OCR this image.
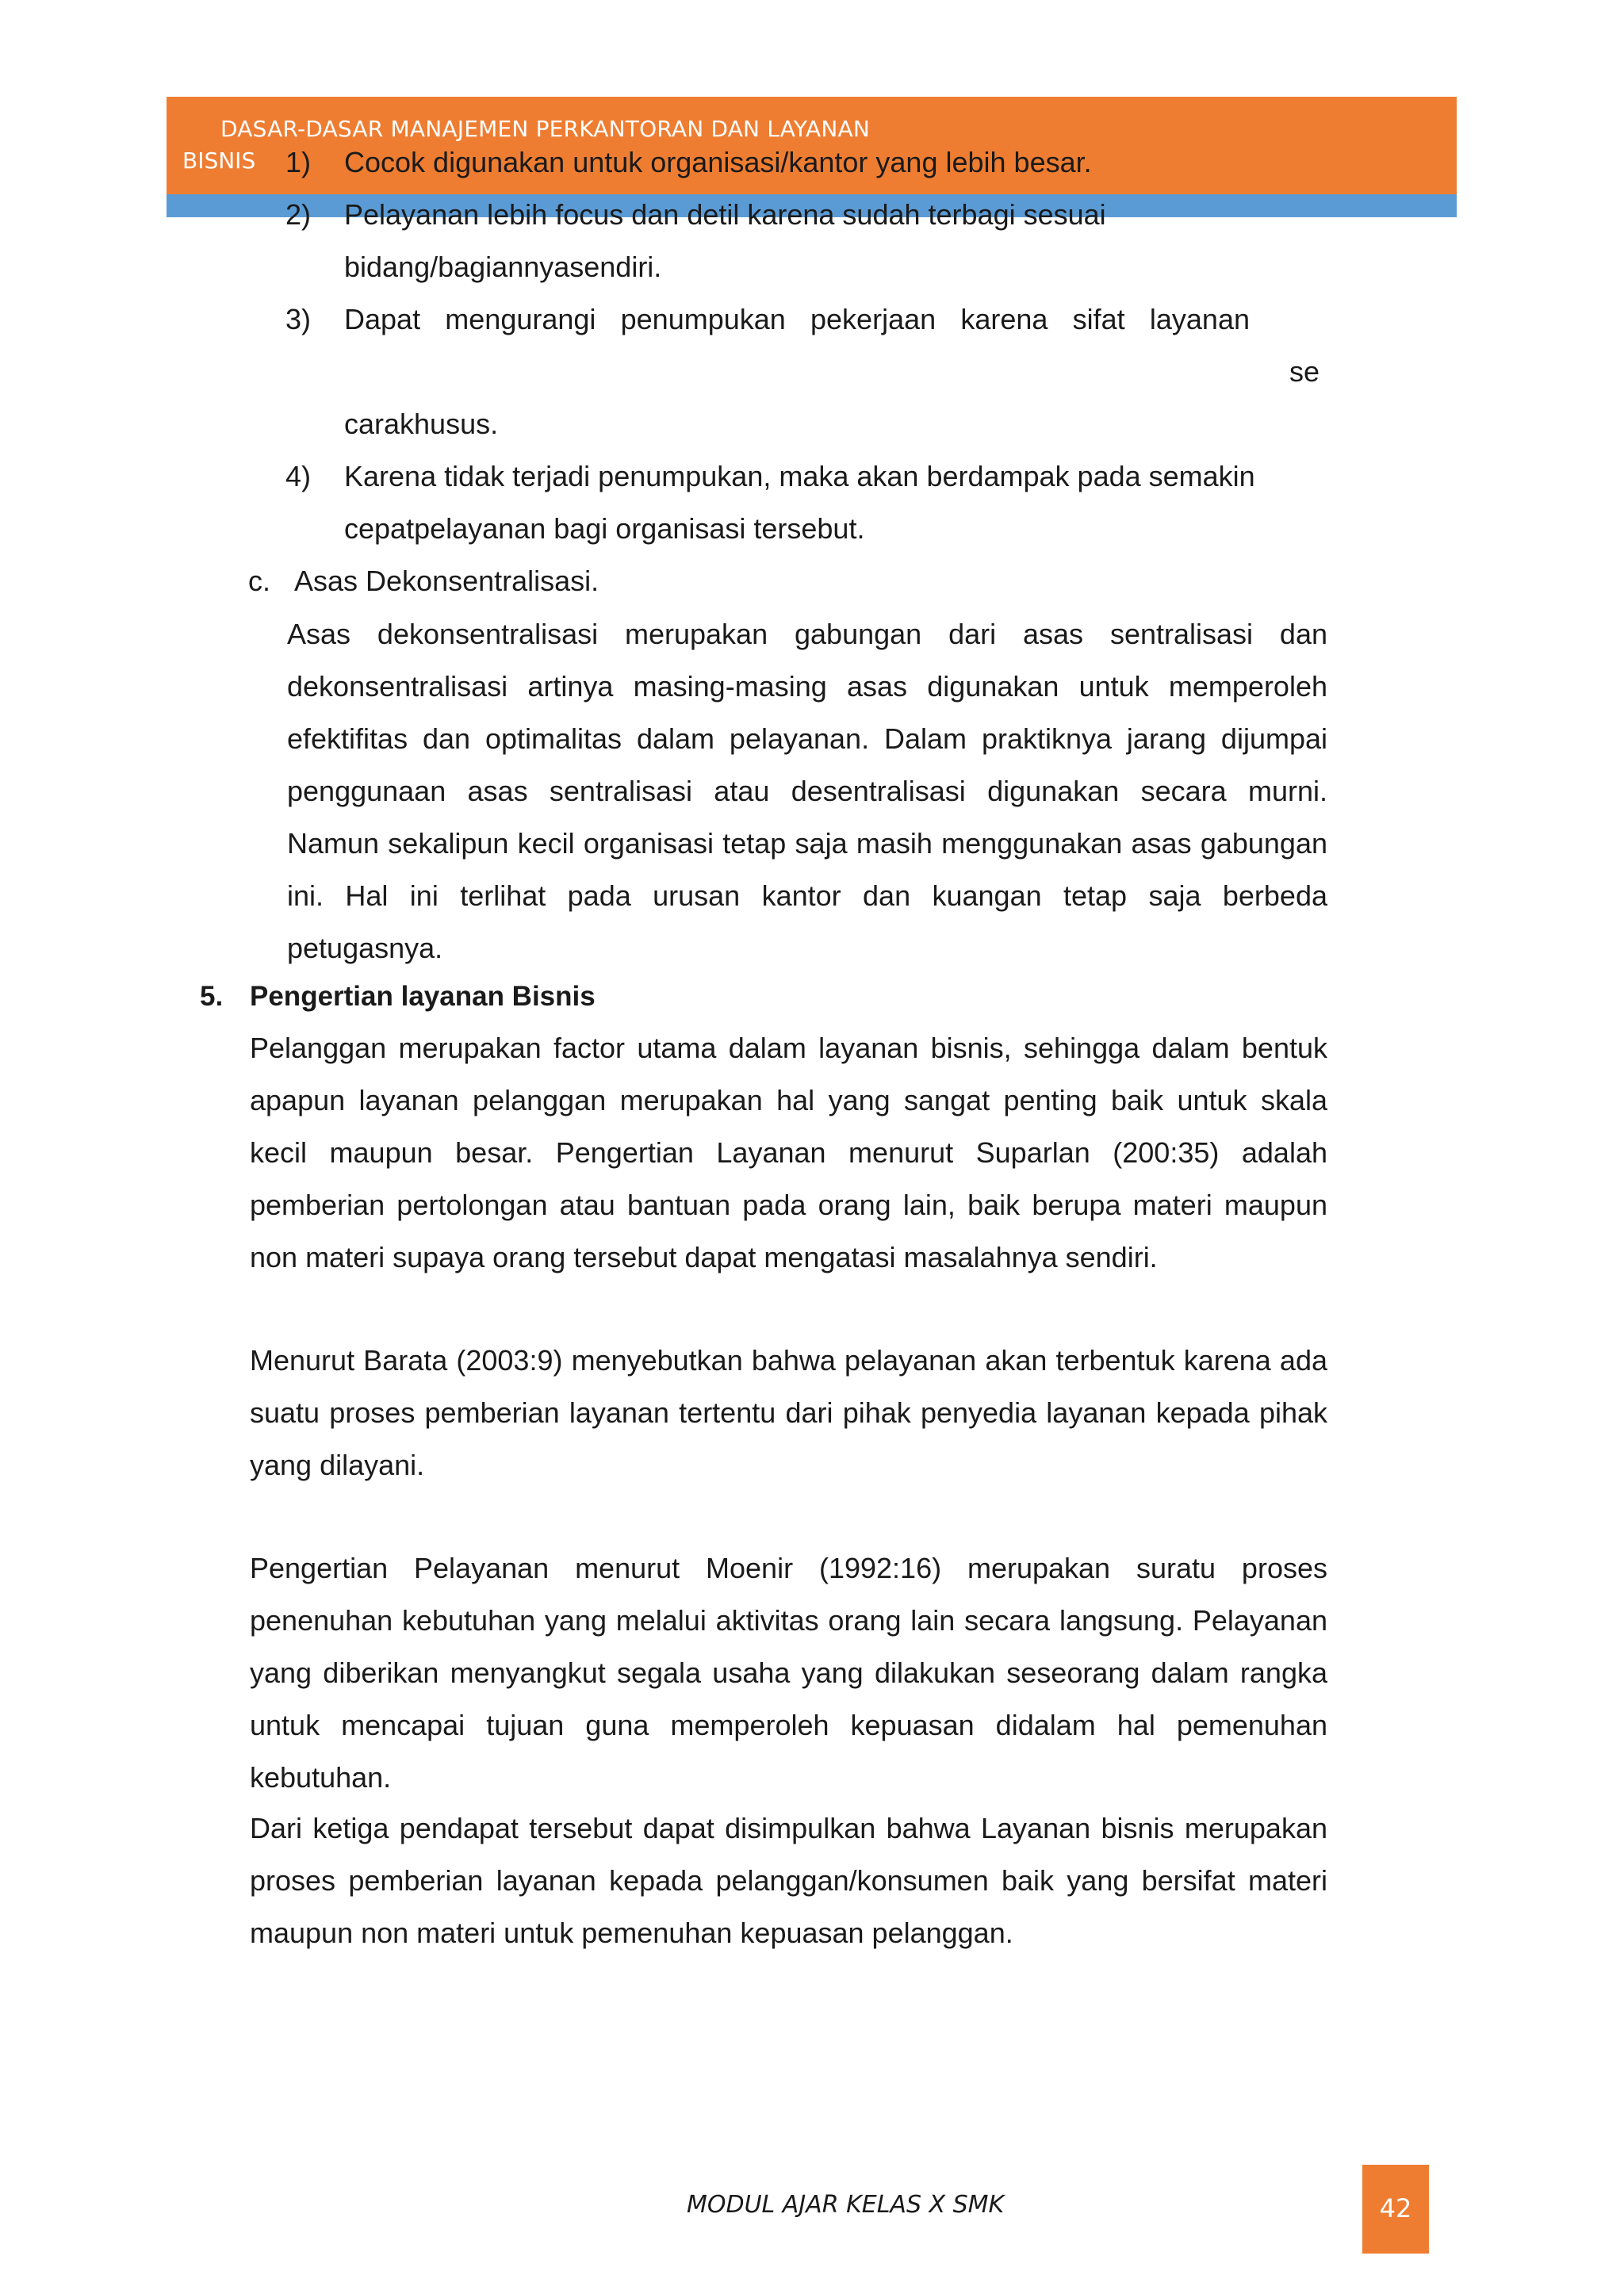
DASAR-DASAR MANAJEMEN PERKANTORAN DAN LAYANAN
BISNIS 1) Cocok digunakan untuk organisasi/kantor yang lebih besar.
2) Pelayanan lebih focus dan detil karena sudah terbagi sesuai
bidang/bagiannyasendiri.
3) Dapat mengurangi penumpukan pekerjaan karena sifat layanan
se
carakhusus.
4) Karena tidak terjadi penumpukan, maka akan berdampak pada semakin
cepatpelayanan bagi organisasi tersebut.
c. Asas Dekonsentralisasi.
Asas dekonsentralisasi merupakan gabungan dari asas sentralisasi dan dekonsentralisasi artinya masing-masing asas digunakan untuk memperoleh efektifitas dan optimalitas dalam pelayanan. Dalam praktiknya jarang dijumpai penggunaan asas sentralisasi atau desentralisasi digunakan secara murni. Namun sekalipun kecil organisasi tetap saja masih menggunakan asas gabungan ini. Hal ini terlihat pada urusan kantor dan kuangan tetap saja berbeda petugasnya.
5. Pengertian layanan Bisnis
Pelanggan merupakan factor utama dalam layanan bisnis, sehingga dalam bentuk apapun layanan pelanggan merupakan hal yang sangat penting baik untuk skala kecil maupun besar. Pengertian Layanan menurut Suparlan (200:35) adalah pemberian pertolongan atau bantuan pada orang lain, baik berupa materi maupun non materi supaya orang tersebut dapat mengatasi masalahnya sendiri.
Menurut Barata (2003:9) menyebutkan bahwa pelayanan akan terbentuk karena ada suatu proses pemberian layanan tertentu dari pihak penyedia layanan kepada pihak yang dilayani.
Pengertian Pelayanan menurut Moenir (1992:16) merupakan suratu proses penenuhan kebutuhan yang melalui aktivitas orang lain secara langsung. Pelayanan yang diberikan menyangkut segala usaha yang dilakukan seseorang dalam rangka untuk mencapai tujuan guna memperoleh kepuasan didalam hal pemenuhan kebutuhan.
Dari ketiga pendapat tersebut dapat disimpulkan bahwa Layanan bisnis merupakan proses pemberian layanan kepada pelanggan/konsumen baik yang bersifat materi maupun non materi untuk pemenuhan kepuasan pelanggan.
MODUL AJAR KELAS X SMK	42
